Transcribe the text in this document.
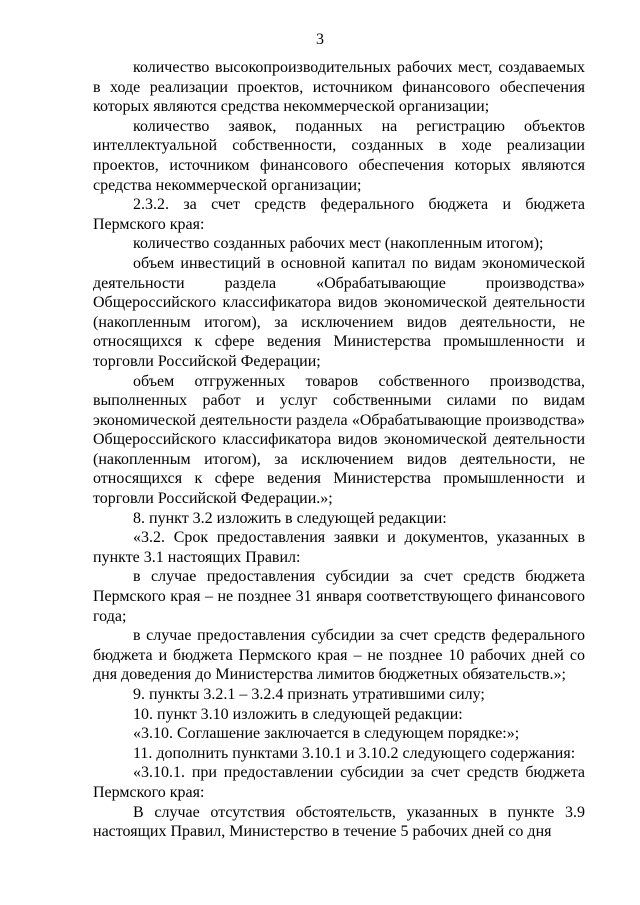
3

количество высокопроизводительных рабочих мест, создаваемых в ходе реализации проектов, источником финансового обеспечения которых являются средства некоммерческой организации;

количество заявок, поданных на регистрацию объектов интеллектуальной собственности, созданных в ходе реализации проектов, источником финансового обеспечения которых являются средства некоммерческой организации;

2.3.2. за счет средств федерального бюджета и бюджета Пермского края:

количество созданных рабочих мест (накопленным итогом);

объем инвестиций в основной капитал по видам экономической деятельности раздела «Обрабатывающие производства» Общероссийского классификатора видов экономической деятельности (накопленным итогом), за исключением видов деятельности, не относящихся к сфере ведения Министерства промышленности и торговли Российской Федерации;

объем отгруженных товаров собственного производства, выполненных работ и услуг собственными силами по видам экономической деятельности раздела «Обрабатывающие производства» Общероссийского классификатора видов экономической деятельности (накопленным итогом), за исключением видов деятельности, не относящихся к сфере ведения Министерства промышленности и торговли Российской Федерации.»;

8. пункт 3.2 изложить в следующей редакции:

«3.2. Срок предоставления заявки и документов, указанных в пункте 3.1 настоящих Правил:

в случае предоставления субсидии за счет средств бюджета Пермского края – не позднее 31 января соответствующего финансового года;

в случае предоставления субсидии за счет средств федерального бюджета и бюджета Пермского края – не позднее 10 рабочих дней со дня доведения до Министерства лимитов бюджетных обязательств.»;

9. пункты 3.2.1 – 3.2.4 признать утратившими силу;

10. пункт 3.10 изложить в следующей редакции:

«3.10. Соглашение заключается в следующем порядке:»;

11. дополнить пунктами 3.10.1 и 3.10.2 следующего содержания:

«3.10.1. при предоставлении субсидии за счет средств бюджета Пермского края:

В случае отсутствия обстоятельств, указанных в пункте 3.9 настоящих Правил, Министерство в течение 5 рабочих дней со дня
